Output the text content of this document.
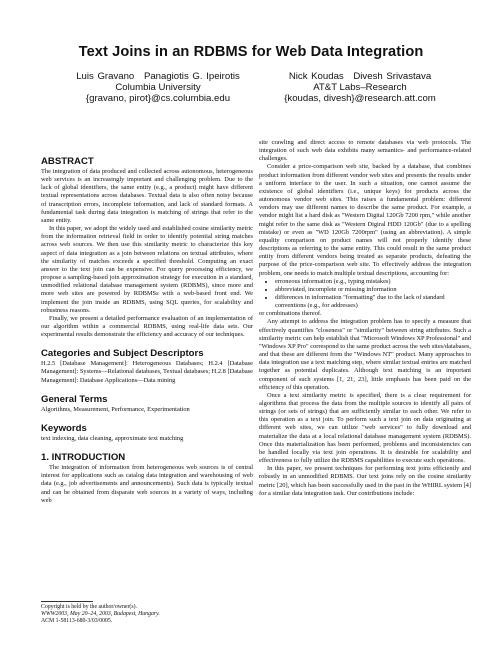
Text Joins in an RDBMS for Web Data Integration
Luis Gravano Panagiotis G. Ipeirotis
Columbia University
{gravano, pirot}@cs.columbia.edu
Nick Koudas Divesh Srivastava
AT&T Labs–Research
{koudas, divesh}@research.att.com
ABSTRACT

The integration of data produced and collected across autonomous, heterogeneous web services is an increasingly important and challenging problem. Due to the lack of global identifiers, the same entity (e.g., a product) might have different textual representations across databases. Textual data is also often noisy because of transcription errors, incomplete information, and lack of standard formats. A fundamental task during data integration is matching of strings that refer to the same entity.

In this paper, we adopt the widely used and established cosine similarity metric from the information retrieval field in order to identify potential string matches across web sources. We then use this similarity metric to characterize this key aspect of data integration as a join between relations on textual attributes, where the similarity of matches exceeds a specified threshold. Computing an exact answer to the text join can be expensive. For query processing efficiency, we propose a sampling-based join approximation strategy for execution in a standard, unmodified relational database management system (RDBMS), since more and more web sites are powered by RDBMSs with a web-based front end. We implement the join inside an RDBMS, using SQL queries, for scalability and robustness reasons.

Finally, we present a detailed performance evaluation of an implementation of our algorithm within a commercial RDBMS, using real-life data sets. Our experimental results demonstrate the efficiency and accuracy of our techniques.

Categories and Subject Descriptors

H.2.5 [Database Management]: Heterogeneous Databases; H.2.4 [Database Management]: Systems—Relational databases, Textual databases; H.2.8 [Database Management]: Database Applications—Data mining

General Terms

Algorithms, Measurement, Performance, Experimentation

Keywords

text indexing, data cleaning, approximate text matching

1. INTRODUCTION

The integration of information from heterogeneous web sources is of central interest for applications such as catalog data integration and warehousing of web data (e.g., job advertisements and announcements). Such data is typically textual and can be obtained from disparate web sources in a variety of ways, including web

Copyright is held by the author/owner(s).
WWW2003, May 20–24, 2003, Budapest, Hungary.
ACM 1-58113-680-3/03/0005.

site crawling and direct access to remote databases via web protocols. The integration of such web data exhibits many semantics- and performance-related challenges.

Consider a price-comparison web site, backed by a database, that combines product information from different vendor web sites and presents the results under a uniform interface to the user. In such a situation, one cannot assume the existence of global identifiers (i.e., unique keys) for products across the autonomous vendor web sites. This raises a fundamental problem: different vendors may use different names to describe the same product. For example, a vendor might list a hard disk as "Western Digital 120Gb 7200 rpm," while another might refer to the same disk as "Western Digiral HDD 120Gb" (due to a spelling mistake) or even as "WD 120Gb 7200rpm" (using an abbreviation). A simple equality comparison on product names will not properly identify these descriptions as referring to the same entity. This could result in the same product entity from different vendors being treated as separate products, defeating the purpose of the price-comparison web site. To effectively address the integration problem, one needs to match multiple textual descriptions, accounting for:

• erroneous information (e.g., typing mistakes)
• abbreviated, incomplete or missing information
• differences in information "formatting" due to the lack of standard conventions (e.g., for addresses)

or combinations thereof.

Any attempt to address the integration problem has to specify a measure that effectively quantifies "closeness" or "similarity" between string attributes. Such a similarity metric can help establish that "Microsoft Windows XP Professional" and "Windows XP Pro" correspond to the same product across the web sites/databases, and that these are different from the "Windows NT" product. Many approaches to data integration use a text matching step, where similar textual entries are matched together as potential duplicates. Although text matching is an important component of such systems [1, 21, 23], little emphasis has been paid on the efficiency of this operation.

Once a text similarity metric is specified, there is a clear requirement for algorithms that process the data from the multiple sources to identify all pairs of strings (or sets of strings) that are sufficiently similar to each other. We refer to this operation as a text join. To perform such a text join on data originating at different web sites, we can utilize "web services" to fully download and materialize the data at a local relational database management system (RDBMS). Once this materialization has been performed, problems and inconsistencies can be handled locally via text join operations. It is desirable for scalability and effectiveness to fully utilize the RDBMS capabilities to execute such operations.

In this paper, we present techniques for performing text joins efficiently and robustly in an unmodified RDBMS. Our text joins rely on the cosine similarity metric [20], which has been successfully used in the past in the WHIRL system [4] for a similar data integration task. Our contributions include:
